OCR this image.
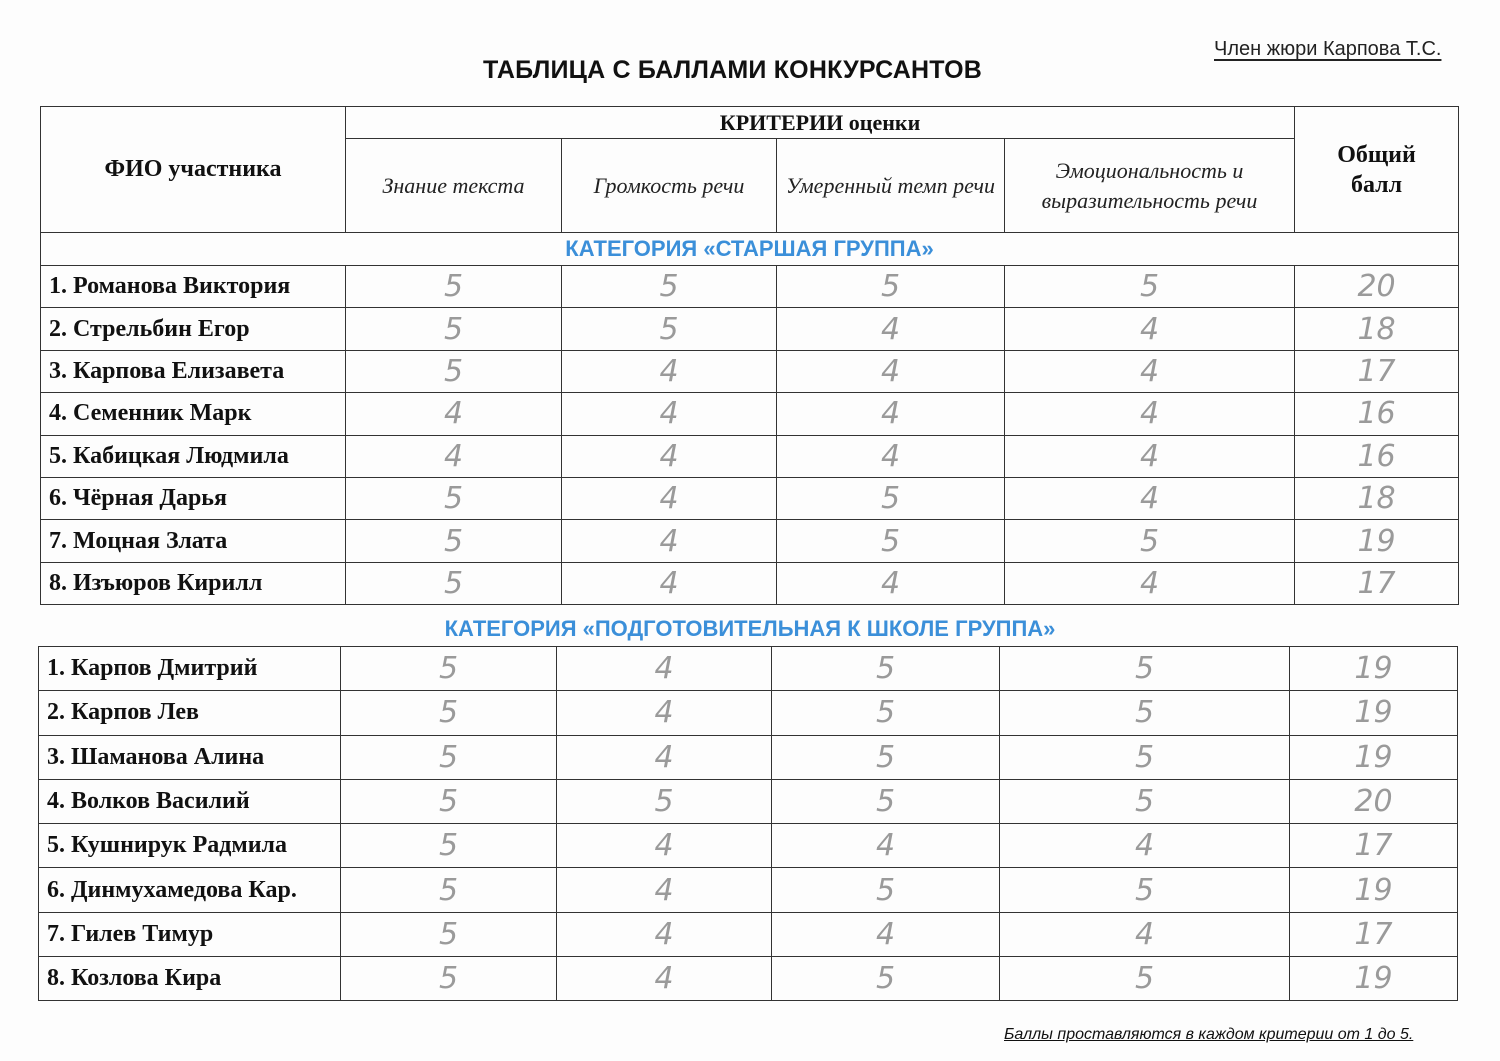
Член жюри Карпова Т.С.
ТАБЛИЦА С БАЛЛАМИ КОНКУРСАНТОВ
ФИО участника	КРИТЕРИИ оценки				Общий балл

	Знание текста	Громкость речи	Умеренный темп речи	Эмоциональность и выразительность речи	
КАТЕГОРИЯ «СТАРШАЯ ГРУППА»					
1. Романова Виктория	5	5	5	5	20
2. Стрельбин Егор	5	5	4	4	18
3. Карпова Елизавета	5	4	4	4	17
4. Семенник Марк	4	4	4	4	16
5. Кабицкая Людмила	4	4	4	4	16
6. Чёрная Дарья	5	4	5	4	18
7. Моцная Злата	5	4	5	5	19
8. Изъюров Кирилл	5	4	4	4	17
КАТЕГОРИЯ «ПОДГОТОВИТЕЛЬНАЯ К ШКОЛЕ ГРУППА»
1. Карпов Дмитрий	5	4	5	5	19
2. Карпов Лев	5	4	5	5	19
3. Шаманова Алина	5	4	5	5	19
4. Волков Василий	5	5	5	5	20
5. Кушнирук Радмила	5	4	4	4	17
6. Динмухамедова Кар.	5	4	5	5	19
7. Гилев Тимур	5	4	4	4	17
8. Козлова Кира	5	4	5	5	19
Баллы проставляются в каждом критерии от 1 до 5.
